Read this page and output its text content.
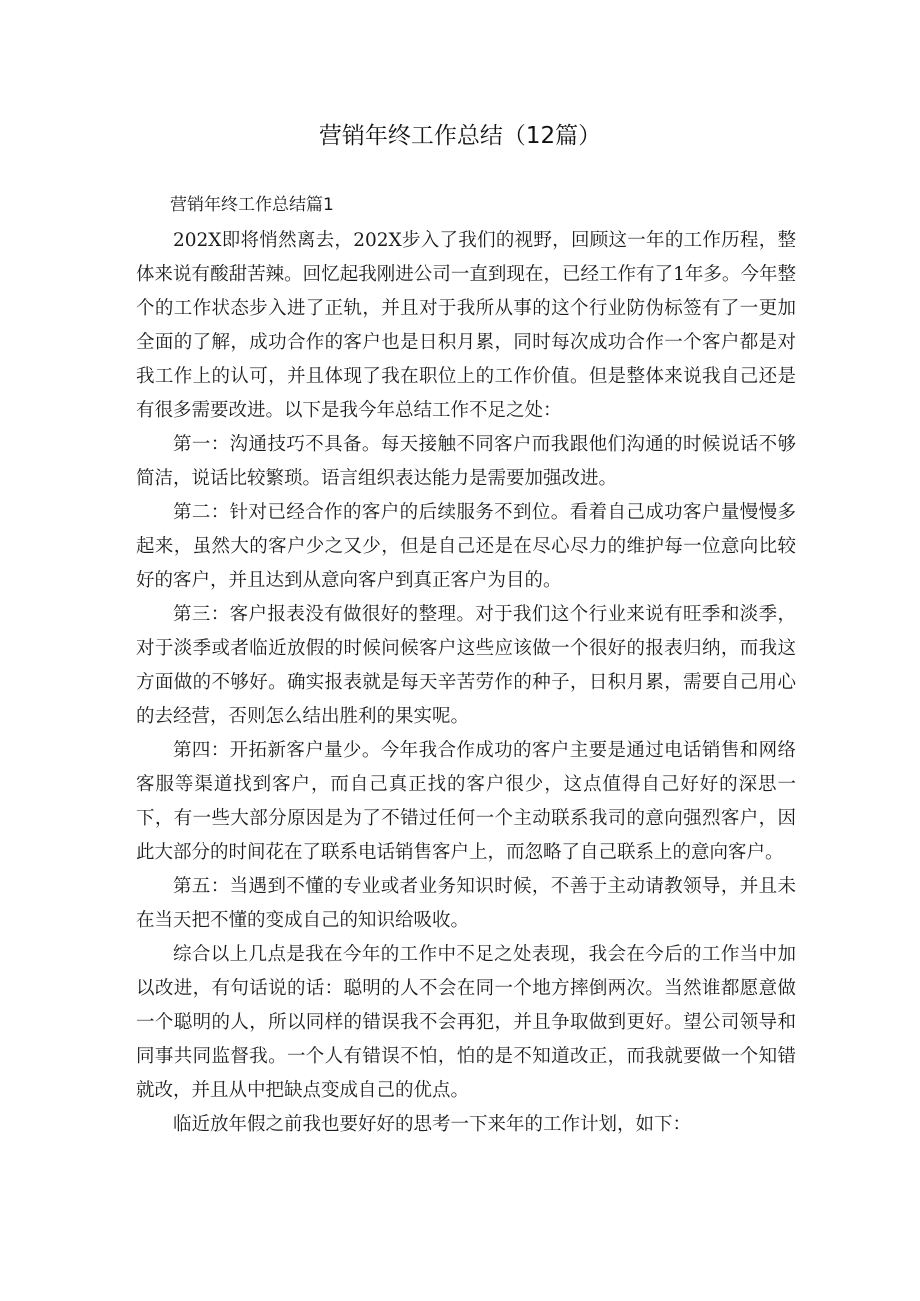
营销年终工作总结（12篇）

营销年终工作总结篇1

202X即将悄然离去，202X步入了我们的视野，回顾这一年的工作历程，整体来说有酸甜苦辣。回忆起我刚进公司一直到现在，已经工作有了1年多。今年整个的工作状态步入进了正轨，并且对于我所从事的这个行业防伪标签有了一更加全面的了解，成功合作的客户也是日积月累，同时每次成功合作一个客户都是对我工作上的认可，并且体现了我在职位上的工作价值。但是整体来说我自己还是有很多需要改进。以下是我今年总结工作不足之处：

第一：沟通技巧不具备。每天接触不同客户而我跟他们沟通的时候说话不够简洁，说话比较繁琐。语言组织表达能力是需要加强改进。

第二：针对已经合作的客户的后续服务不到位。看着自己成功客户量慢慢多起来，虽然大的客户少之又少，但是自己还是在尽心尽力的维护每一位意向比较好的客户，并且达到从意向客户到真正客户为目的。

第三：客户报表没有做很好的整理。对于我们这个行业来说有旺季和淡季，对于淡季或者临近放假的时候问候客户这些应该做一个很好的报表归纳，而我这方面做的不够好。确实报表就是每天辛苦劳作的种子，日积月累，需要自己用心的去经营，否则怎么结出胜利的果实呢。

第四：开拓新客户量少。今年我合作成功的客户主要是通过电话销售和网络客服等渠道找到客户，而自己真正找的客户很少，这点值得自己好好的深思一下，有一些大部分原因是为了不错过任何一个主动联系我司的意向强烈客户，因此大部分的时间花在了联系电话销售客户上，而忽略了自己联系上的意向客户。

第五：当遇到不懂的专业或者业务知识时候，不善于主动请教领导，并且未在当天把不懂的变成自己的知识给吸收。

综合以上几点是我在今年的工作中不足之处表现，我会在今后的工作当中加以改进，有句话说的话：聪明的人不会在同一个地方摔倒两次。当然谁都愿意做一个聪明的人，所以同样的错误我不会再犯，并且争取做到更好。望公司领导和同事共同监督我。一个人有错误不怕，怕的是不知道改正，而我就要做一个知错就改，并且从中把缺点变成自己的优点。

临近放年假之前我也要好好的思考一下来年的工作计划，如下：
